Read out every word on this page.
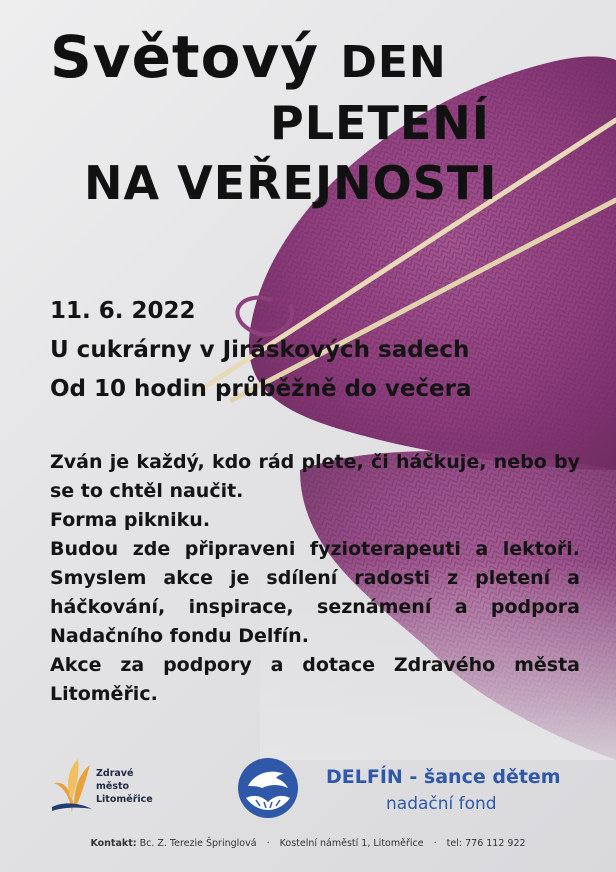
Světový DEN
PLETENÍ
NA VEŘEJNOSTI
11. 6. 2022
U cukrárny v Jiráskových sadech
Od 10 hodin průběžně do večera

Zván je každý, kdo rád plete, či háčkuje, nebo by se to chtěl naučit.

Forma pikniku.

Budou zde připraveni fyzioterapeuti a lektoři. Smyslem akce je sdílení radosti z pletení a háčkování, inspirace, seznámení a podpora Nadačního fondu Delfín.

Akce za podpory a dotace Zdravého města Litoměřic.

Zdravé
město
Litoměřice
DELFÍN - šance dětem
nadační fond
Kontakt: Bc. Z. Terezie Špringlová · Kostelní náměstí 1, Litoměřice · tel: 776 112 922
